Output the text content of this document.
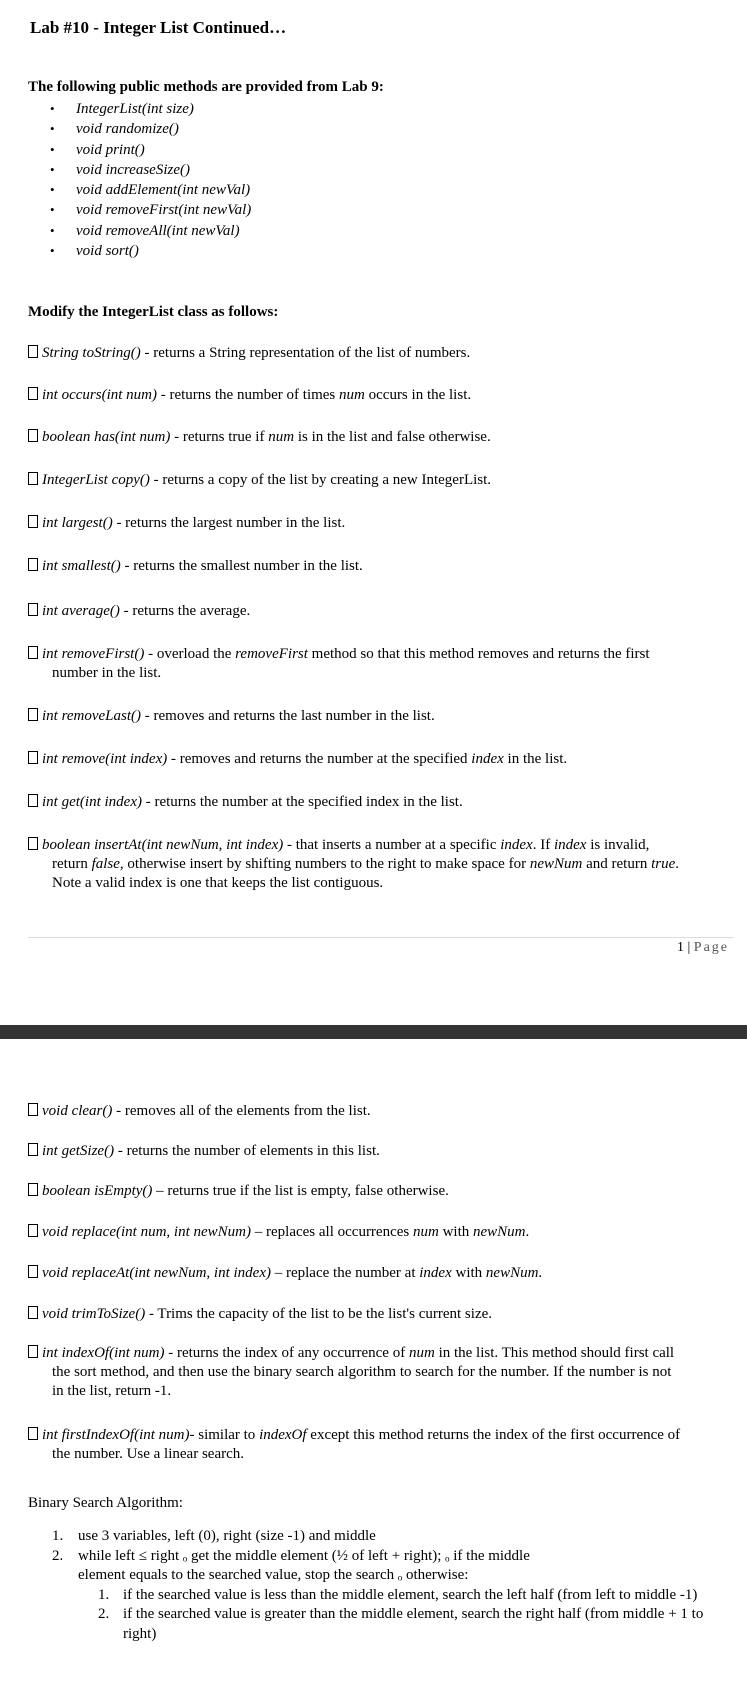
Lab #10 - Integer List Continued…
The following public methods are provided from Lab 9:
• IntegerList(int size)
• void randomize()
• void print()
• void increaseSize()
• void addElement(int newVal)
• void removeFirst(int newVal)
• void removeAll(int newVal)
• void sort()
Modify the IntegerList class as follows:
String toString() - returns a String representation of the list of numbers.
int occurs(int num) - returns the number of times num occurs in the list.
boolean has(int num) - returns true if num is in the list and false otherwise.
IntegerList copy() - returns a copy of the list by creating a new IntegerList.
int largest() - returns the largest number in the list.
int smallest() - returns the smallest number in the list.
int average() - returns the average.
int removeFirst() - overload the removeFirst method so that this method removes and returns the first
number in the list.
int removeLast() - removes and returns the last number in the list.
int remove(int index) - removes and returns the number at the specified index in the list.
int get(int index) - returns the number at the specified index in the list.
boolean insertAt(int newNum, int index) - that inserts a number at a specific index. If index is invalid,
return false, otherwise insert by shifting numbers to the right to make space for newNum and return true.
Note a valid index is one that keeps the list contiguous.
1 | Page
void clear() - removes all of the elements from the list.
int getSize() - returns the number of elements in this list.
boolean isEmpty() – returns true if the list is empty, false otherwise.
void replace(int num, int newNum) – replaces all occurrences num with newNum.
void replaceAt(int newNum, int index) – replace the number at index with newNum.
void trimToSize() - Trims the capacity of the list to be the list's current size.
int indexOf(int num) - returns the index of any occurrence of num in the list. This method should first call
the sort method, and then use the binary search algorithm to search for the number. If the number is not
in the list, return -1.
int firstIndexOf(int num)- similar to indexOf except this method returns the index of the first occurrence of
the number. Use a linear search.
Binary Search Algorithm:
1. use 3 variables, left (0), right (size -1) and middle
2. while left ≤ right ₒ get the middle element (½ of left + right); ₒ if the middle
element equals to the searched value, stop the search ₒ otherwise:
1. if the searched value is less than the middle element, search the left half (from left to middle -1)
2. if the searched value is greater than the middle element, search the right half (from middle + 1 to right)
